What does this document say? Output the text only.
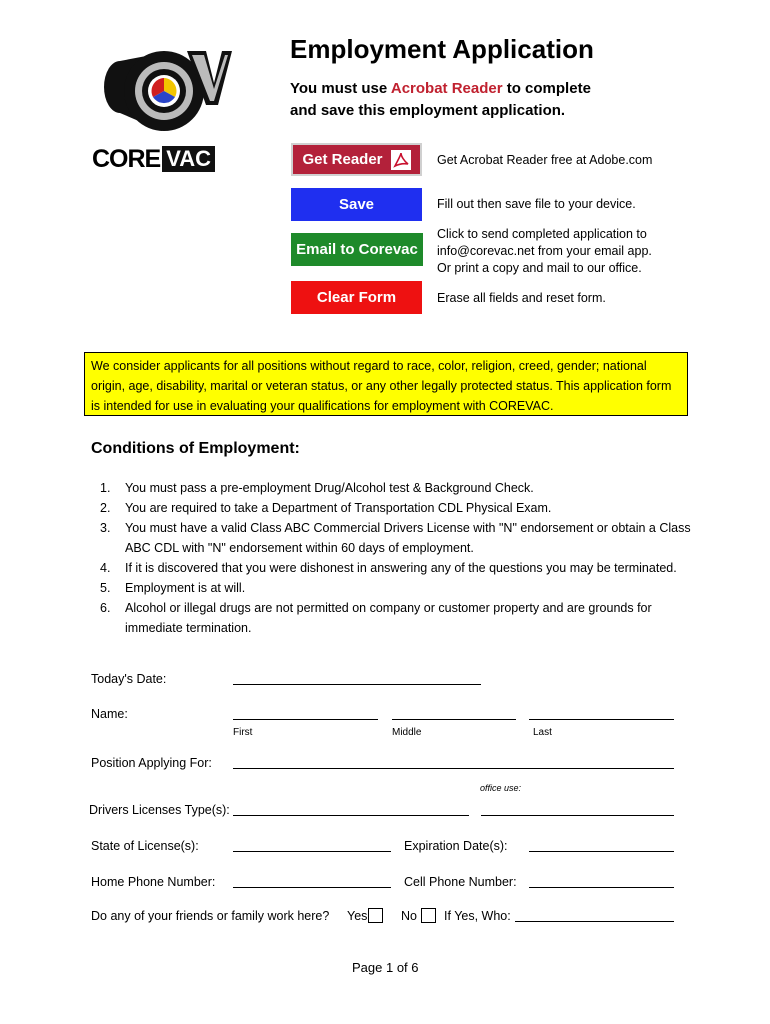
CORE VAC
Employment Application
You must use Acrobat Reader to complete
and save this employment application.
Get Reader	Get Acrobat Reader free at Adobe.com
Save	Fill out then save file to your device.
Email to Corevac
Click to send completed application to
info@corevac.net from your email app.
Or print a copy and mail to our office.
Clear Form	Erase all fields and reset form.
We consider applicants for all positions without regard to race, color, religion, creed, gender; national origin, age, disability, marital or veteran status, or any other legally protected status. This application form is intended for use in evaluating your qualifications for employment with COREVAC.
Conditions of Employment:
1.	You must pass a pre-employment Drug/Alcohol test & Background Check.
2.	You are required to take a Department of Transportation CDL Physical Exam.
3.	You must have a valid Class ABC Commercial Drivers License with "N" endorsement or obtain a Class ABC CDL with "N" endorsement within 60 days of employment.
4.	If it is discovered that you were dishonest in answering any of the questions you may be terminated.
5.	Employment is at will.
6.	Alcohol or illegal drugs are not permitted on company or customer property and are grounds for immediate termination.
Today's Date:
Name:
First	Middle	Last
Position Applying For:
office use:
Drivers Licenses Type(s):
State of License(s):	Expiration Date(s):
Home Phone Number:	Cell Phone Number:
Do any of your friends or family work here? Yes	No If Yes, Who:
Page 1 of 6
